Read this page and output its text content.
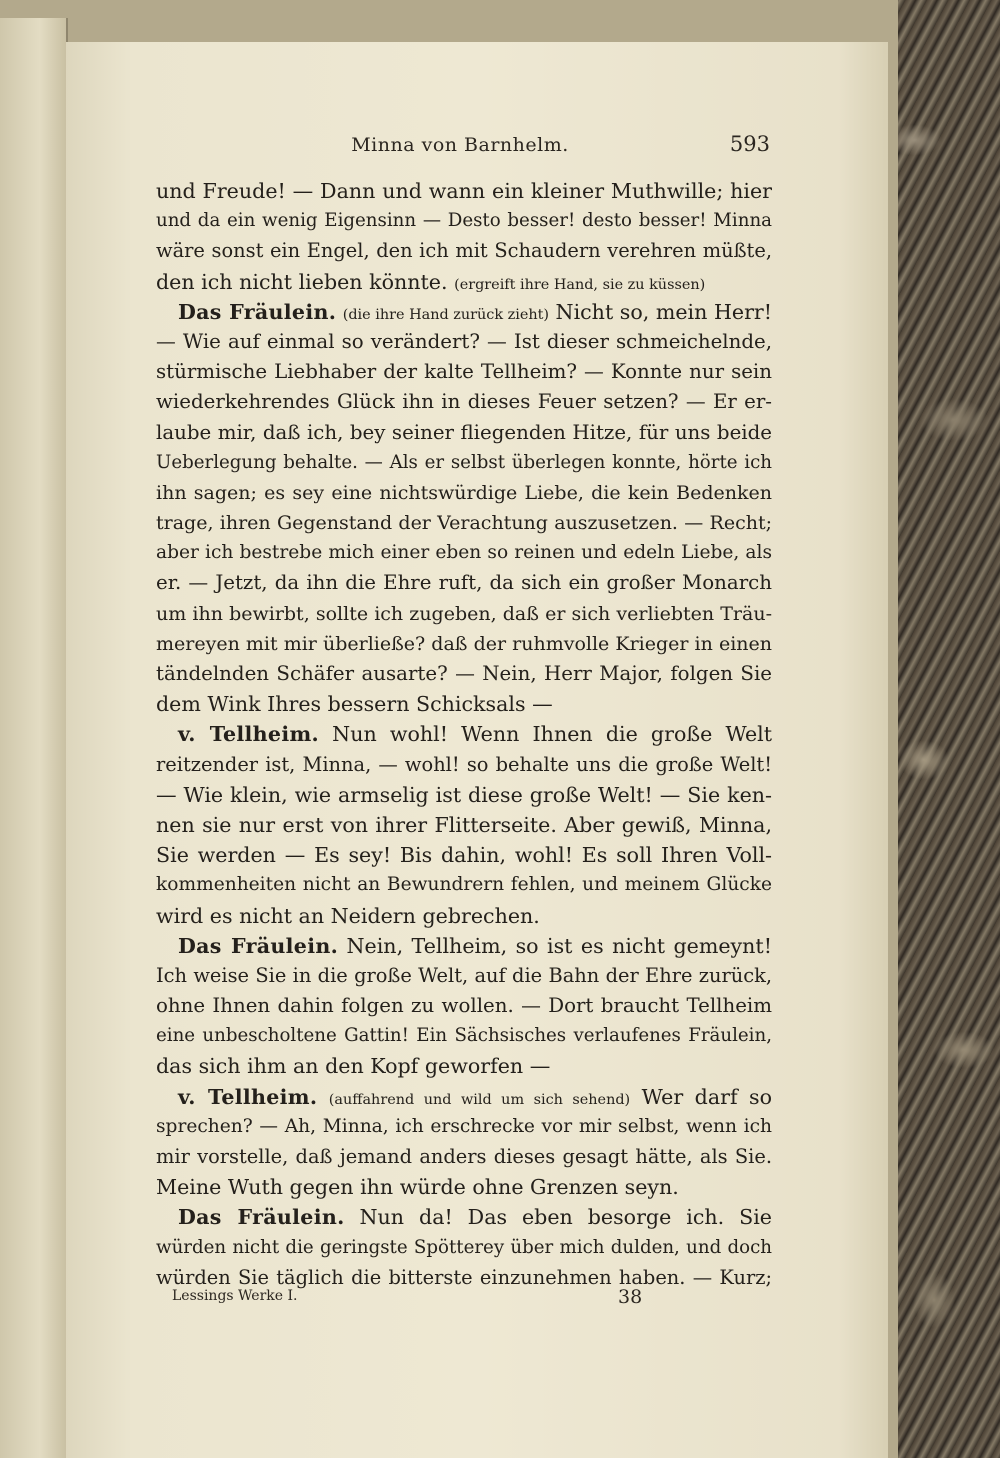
Minna von Barnhelm.	593
und Freude! — Dann und wann ein kleiner Muthwille; hier
und da ein wenig Eigensinn — Desto besser! desto besser! Minna
wäre sonst ein Engel, den ich mit Schaudern verehren müßte,
den ich nicht lieben könnte. (ergreift ihre Hand, sie zu küssen)
Das Fräulein. (die ihre Hand zurück zieht) Nicht so, mein Herr!
— Wie auf einmal so verändert? — Ist dieser schmeichelnde,
stürmische Liebhaber der kalte Tellheim? — Konnte nur sein
wiederkehrendes Glück ihn in dieses Feuer setzen? — Er er-
laube mir, daß ich, bey seiner fliegenden Hitze, für uns beide
Ueberlegung behalte. — Als er selbst überlegen konnte, hörte ich
ihn sagen; es sey eine nichtswürdige Liebe, die kein Bedenken
trage, ihren Gegenstand der Verachtung auszusetzen. — Recht;
aber ich bestrebe mich einer eben so reinen und edeln Liebe, als
er. — Jetzt, da ihn die Ehre ruft, da sich ein großer Monarch
um ihn bewirbt, sollte ich zugeben, daß er sich verliebten Träu-
mereyen mit mir überließe? daß der ruhmvolle Krieger in einen
tändelnden Schäfer ausarte? — Nein, Herr Major, folgen Sie
dem Wink Ihres bessern Schicksals —
v. Tellheim. Nun wohl! Wenn Ihnen die große Welt
reitzender ist, Minna, — wohl! so behalte uns die große Welt!
— Wie klein, wie armselig ist diese große Welt! — Sie ken-
nen sie nur erst von ihrer Flitterseite. Aber gewiß, Minna,
Sie werden — Es sey! Bis dahin, wohl! Es soll Ihren Voll-
kommenheiten nicht an Bewundrern fehlen, und meinem Glücke
wird es nicht an Neidern gebrechen.
Das Fräulein. Nein, Tellheim, so ist es nicht gemeynt!
Ich weise Sie in die große Welt, auf die Bahn der Ehre zurück,
ohne Ihnen dahin folgen zu wollen. — Dort braucht Tellheim
eine unbescholtene Gattin! Ein Sächsisches verlaufenes Fräulein,
das sich ihm an den Kopf geworfen —
v. Tellheim. (auffahrend und wild um sich sehend) Wer darf so
sprechen? — Ah, Minna, ich erschrecke vor mir selbst, wenn ich
mir vorstelle, daß jemand anders dieses gesagt hätte, als Sie.
Meine Wuth gegen ihn würde ohne Grenzen seyn.
Das Fräulein. Nun da! Das eben besorge ich. Sie
würden nicht die geringste Spötterey über mich dulden, und doch
würden Sie täglich die bitterste einzunehmen haben. — Kurz;
Lessings Werke I.	38
